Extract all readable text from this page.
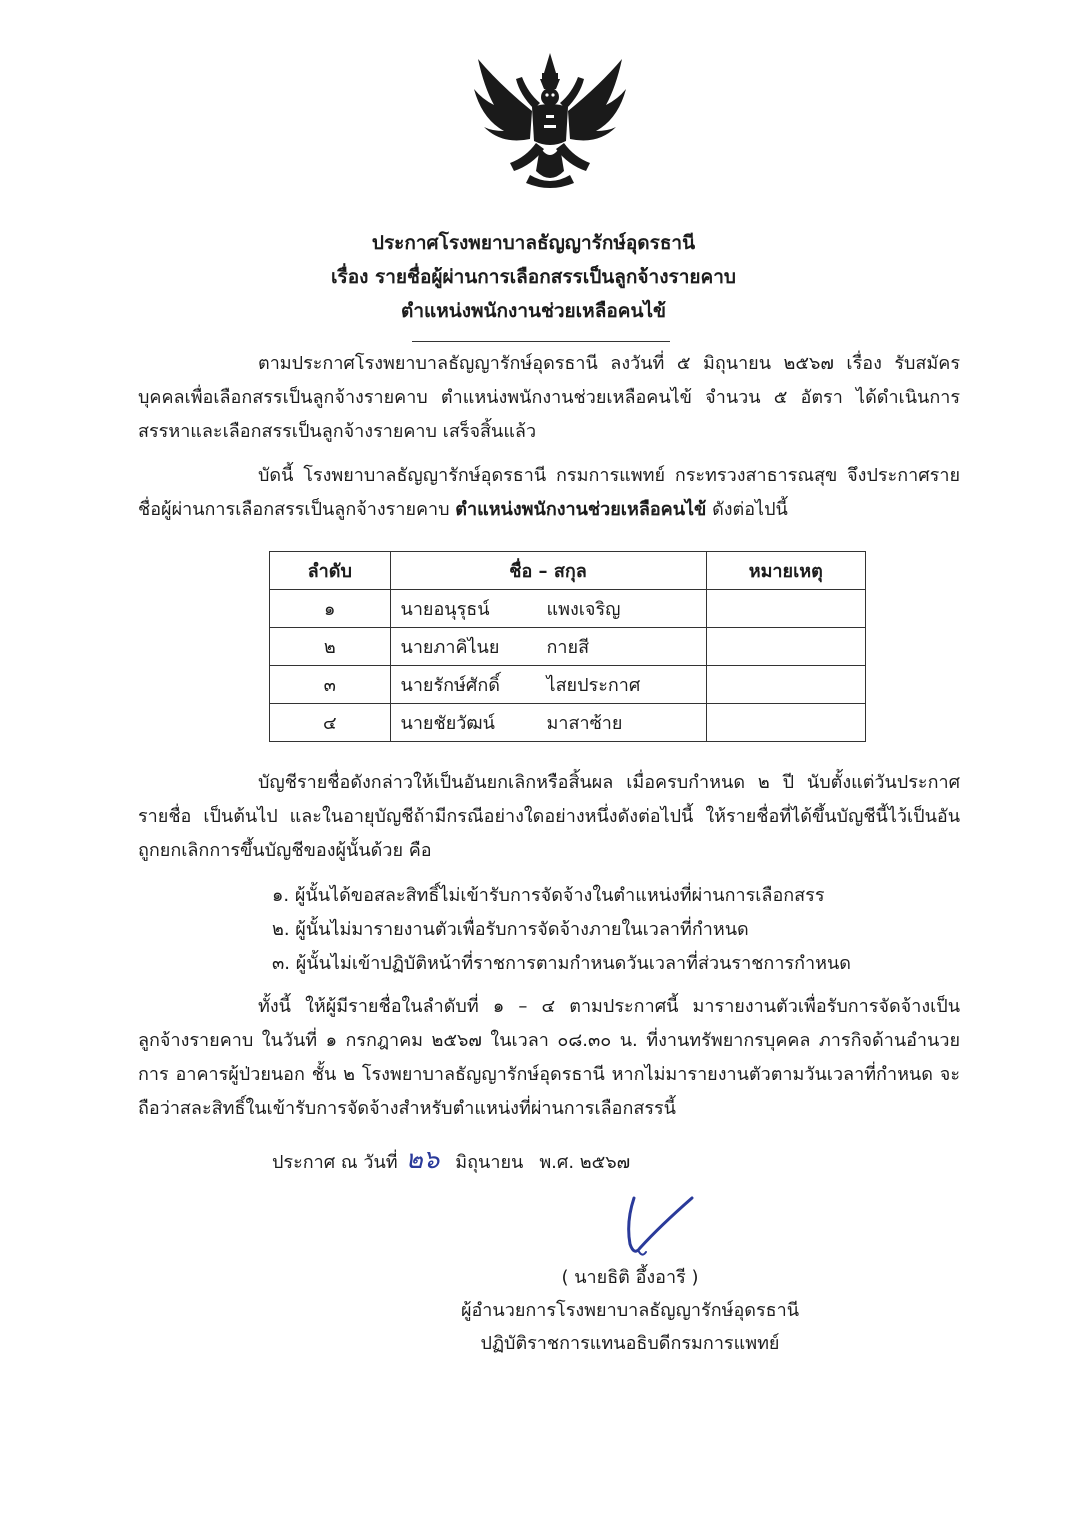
ประกาศโรงพยาบาลธัญญารักษ์อุดรธานี
เรื่อง รายชื่อผู้ผ่านการเลือกสรรเป็นลูกจ้างรายคาบ
ตำแหน่งพนักงานช่วยเหลือคนไข้
ตามประกาศโรงพยาบาลธัญญารักษ์อุดรธานี ลงวันที่ ๕ มิถุนายน ๒๕๖๗ เรื่อง รับสมัครบุคคลเพื่อเลือกสรรเป็นลูกจ้างรายคาบ ตำแหน่งพนักงานช่วยเหลือคนไข้ จำนวน ๕ อัตรา ได้ดำเนินการสรรหาและเลือกสรรเป็นลูกจ้างรายคาบ เสร็จสิ้นแล้ว
บัดนี้ โรงพยาบาลธัญญารักษ์อุดรธานี กรมการแพทย์ กระทรวงสาธารณสุข จึงประกาศรายชื่อผู้ผ่านการเลือกสรรเป็นลูกจ้างรายคาบ ตำแหน่งพนักงานช่วยเหลือคนไข้ ดังต่อไปนี้
ลำดับ	ชื่อ – สกุล	หมายเหตุ
๑	นายอนุรุธน์ แพงเจริญ	
๒	นายภาคิไนย กายสี	
๓	นายรักษ์ศักดิ์ ไสยประกาศ	
๔	นายชัยวัฒน์ มาสาซ้าย	
บัญชีรายชื่อดังกล่าวให้เป็นอันยกเลิกหรือสิ้นผล เมื่อครบกำหนด ๒ ปี นับตั้งแต่วันประกาศรายชื่อ เป็นต้นไป และในอายุบัญชีถ้ามีกรณีอย่างใดอย่างหนึ่งดังต่อไปนี้ ให้รายชื่อที่ได้ขึ้นบัญชีนี้ไว้เป็นอันถูกยกเลิกการขึ้นบัญชีของผู้นั้นด้วย คือ
๑. ผู้นั้นได้ขอสละสิทธิ์ไม่เข้ารับการจัดจ้างในตำแหน่งที่ผ่านการเลือกสรร
๒. ผู้นั้นไม่มารายงานตัวเพื่อรับการจัดจ้างภายในเวลาที่กำหนด
๓. ผู้นั้นไม่เข้าปฏิบัติหน้าที่ราชการตามกำหนดวันเวลาที่ส่วนราชการกำหนด
ทั้งนี้ ให้ผู้มีรายชื่อในลำดับที่ ๑ – ๔ ตามประกาศนี้ มารายงานตัวเพื่อรับการจัดจ้างเป็นลูกจ้างรายคาบ ในวันที่ ๑ กรกฎาคม ๒๕๖๗ ในเวลา ๐๘.๓๐ น. ที่งานทรัพยากรบุคคล ภารกิจด้านอำนวยการ อาคารผู้ป่วยนอก ชั้น ๒ โรงพยาบาลธัญญารักษ์อุดรธานี หากไม่มารายงานตัวตามวันเวลาที่กำหนด จะถือว่าสละสิทธิ์ในเข้ารับการจัดจ้างสำหรับตำแหน่งที่ผ่านการเลือกสรรนี้
ประกาศ ณ วันที่ ๒๖ มิถุนายน พ.ศ. ๒๕๖๗
( นายธิติ อึ้งอารี )
ผู้อำนวยการโรงพยาบาลธัญญารักษ์อุดรธานี
ปฏิบัติราชการแทนอธิบดีกรมการแพทย์
